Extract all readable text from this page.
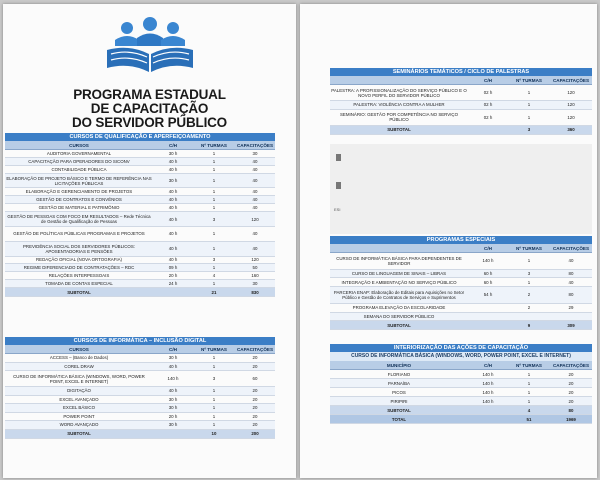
PROGRAMA ESTADUAL
DE CAPACITAÇÃO
DO SERVIDOR PÚBLICO
CURSOS DE QUALIFICAÇÃO E APERFEIÇOAMENTO
CURSOS	C/H	Nº TURMAS	CAPACITAÇÕES
AUDITORIA GOVERNAMENTAL	30 h	1	30
CAPACITAÇÃO PARA OPERADORES DO SICONV	40 h	1	40
CONTABILIDADE PÚBLICA	40 h	1	40
ELABORAÇÃO DE PROJETO BÁSICO E TERMO DE REFERÊNCIA NAS LICITAÇÕES PÚBLICAS	30 h	1	40
ELABORAÇÃO E GERENCIAMENTO DE PROJETOS	40 h	1	40
GESTÃO DE CONTRATOS E CONVÊNIOS	40 h	1	40
GESTÃO DE MATERIAL E PATRIMÔNIO	40 h	1	40
GESTÃO DE PESSOAS COM FOCO EM RESULTADOS – Rede Técnica de Gestão de Qualificação de Pessoas	40 h	3	120
GESTÃO DE POLÍTICAS PÚBLICAS PROGRAMAS E PROJETOS	40 h	1	40
PREVIDÊNCIA SOCIAL DOS SERVIDORES PÚBLICOS: APOSENTADORIAS E PENSÕES	40 h	1	40
REDAÇÃO OFICIAL (NOVA ORTOGRAFIA)	40 h	3	120
REGIME DIFERENCIADO DE CONTRATAÇÕES – RDC	09 h	1	50
RELAÇÕES INTERPESSOAIS	20 h	4	160
TOMADA DE CONTAS ESPECIAL	24 h	1	30
SUBTOTAL		21	830
CURSOS DE INFORMÁTICA – INCLUSÃO DIGITAL
CURSOS	C/H	Nº TURMAS	CAPACITAÇÕES
ACCESS – (Banco de Dados)	30 h	1	20
COREL DRAW	40 h	1	20
CURSO DE INFORMÁTICA BÁSICA (WINDOWS, WORD, POWER POINT, EXCEL E INTERNET)	140 h	3	60
DIGITAÇÃO	40 h	1	20
EXCEL AVANÇADO	30 h	1	20
EXCEL BÁSICO	30 h	1	20
POWER POINT	20 h	1	20
WORD AVANÇADO	30 h	1	20
SUBTOTAL		10	200
SEMINÁRIOS TEMÁTICOS / CICLO DE PALESTRAS
	C/H	Nº TURMAS	CAPACITAÇÕES
PALESTRA: A PROFISSIONALIZAÇÃO DO SERVIÇO PÚBLICO E O NOVO PERFIL DO SERVIDOR PÚBLICO	02 h	1	120
PALESTRA: VIOLÊNCIA CONTRA A MULHER	02 h	1	120
SEMINÁRIO: GESTÃO POR COMPETÊNCIA NO SERVIÇO PÚBLICO	02 h	1	120
SUBTOTAL		3	360
ESI
PROGRAMAS ESPECIAIS
	C/H	Nº TURMAS	CAPACITAÇÕES
CURSO DE INFORMÁTICA BÁSICA PARA DEPENDENTES DE SERVIDOR	140 h	1	40
CURSO DE LINGUAGEM DE SINAIS – LIBRAS	60 h	3	80
INTEGRAÇÃO E AMBIENTAÇÃO NO SERVIÇO PÚBLICO	60 h	1	40
PARCERIA ENAP: Elaboração de Editais para Aquisições no Setor Público e Gestão de Contratos de Serviços e Suprimentos	54 h	2	80
PROGRAMA ELEVAÇÃO DA ESCOLARIDADE		2	29
SEMANA DO SERVIDOR PÚBLICO			
SUBTOTAL		9	309
INTERIORIZAÇÃO DAS AÇÕES DE CAPACITAÇÃO
CURSO DE INFORMÁTICA BÁSICA (WINDOWS, WORD, POWER POINT, EXCEL E INTERNET)
MUNICÍPIO	C/H	Nº TURMAS	CAPACITAÇÕES
FLORIANO	140 h	1	20
PARNAÍBA	140 h	1	20
PICOS	140 h	1	20
PIRIPIRI	140 h	1	20
SUBTOTAL		4	80
TOTAL		51	1969
